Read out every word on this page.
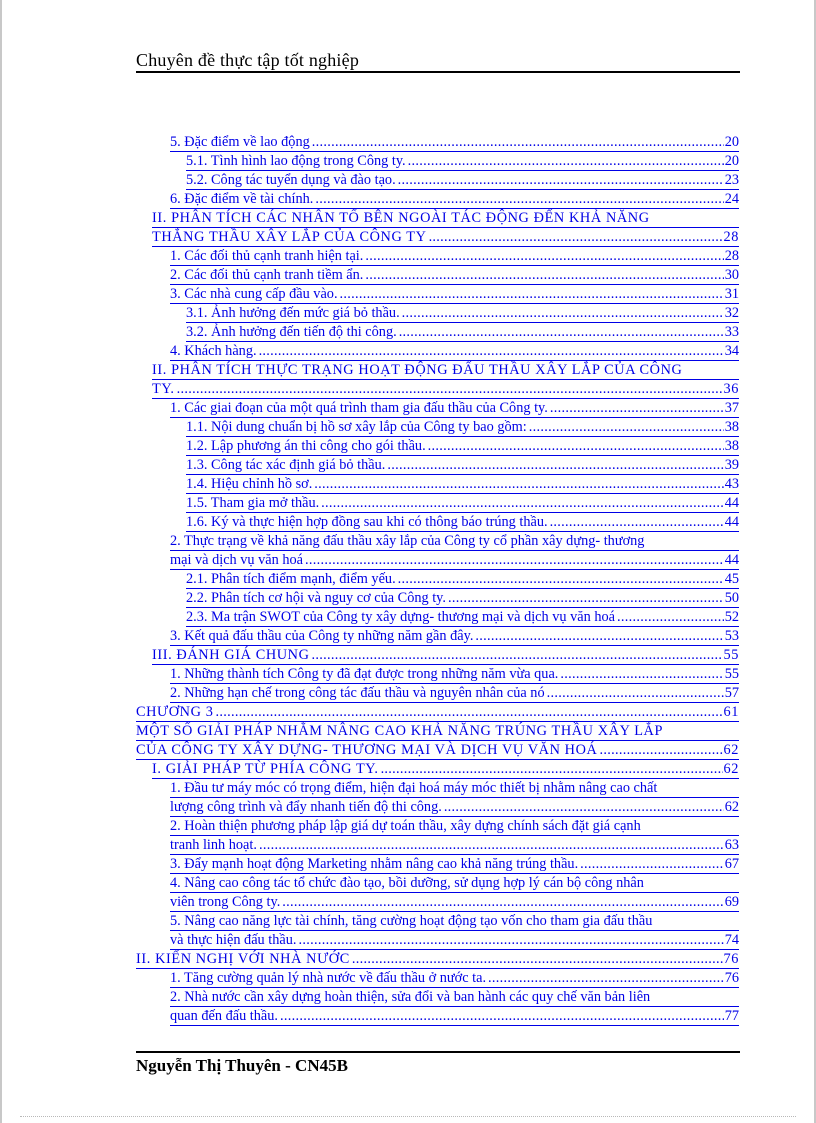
Chuyên đề thực tập tốt nghiệp
5. Đặc điểm về lao động .....	20
5.1. Tình hình lao động trong Công ty. .....	20
5.2. Công tác tuyển dụng và đào tạo. .....	23
6. Đặc điểm về tài chính. .....	24
II. PHÂN TÍCH CÁC NHÂN TỐ BÊN NGOÀI TÁC ĐỘNG ĐẾN KHẢ NĂNG
THẮNG THẦU XÂY LẮP CỦA CÔNG TY .....	28
1. Các đối thủ cạnh tranh hiện tại. .....	28
2. Các đối thủ cạnh tranh tiềm ẩn. .....	30
3. Các nhà cung cấp đầu vào. .....	31
3.1. Ảnh hưởng đến mức giá bỏ thầu. .....	32
3.2. Ảnh hưởng đến tiến độ thi công. .....	33
4. Khách hàng. .....	34
II. PHÂN TÍCH THỰC TRẠNG HOẠT ĐỘNG ĐẤU THẦU XÂY LẮP CỦA CÔNG
TY. .....	36
1. Các giai đoạn của một quá trình tham gia đấu thầu của Công ty. .....	37
1.1. Nội dung chuẩn bị hồ sơ xây lắp của Công ty bao gồm: .....	38
1.2. Lập phương án thi công cho gói thầu. .....	38
1.3. Công tác xác định giá bỏ thầu. .....	39
1.4. Hiệu chỉnh hồ sơ. .....	43
1.5. Tham gia mở thầu. .....	44
1.6. Ký và thực hiện hợp đồng sau khi có thông báo trúng thầu. .....	44
2. Thực trạng về khả năng đấu thầu xây lắp của Công ty cổ phần xây dựng- thương
mại và dịch vụ văn hoá .....	44
2.1. Phân tích điểm mạnh, điểm yếu. .....	45
2.2. Phân tích cơ hội và nguy cơ của Công ty. .....	50
2.3. Ma trận SWOT của Công ty xây dựng- thương mại và dịch vụ văn hoá .....	52
3. Kết quả đấu thầu của Công ty những năm gần đây. .....	53
III. ĐÁNH GIÁ CHUNG .....	55
1. Những thành tích Công ty đã đạt được trong những năm vừa qua. .....	55
2. Những hạn chế trong công tác đấu thầu và nguyên nhân của nó .....	57
CHƯƠNG 3 .....	61
MỘT SỐ GIẢI PHÁP NHẰM NÂNG CAO KHẢ NĂNG TRÚNG THẦU XÂY LẮP
CỦA CÔNG TY XÂY DỰNG- THƯƠNG MẠI VÀ DỊCH VỤ VĂN HOÁ .....	62
I. GIẢI PHÁP TỪ PHÍA CÔNG TY. .....	62
1. Đầu tư máy móc có trọng điểm, hiện đại hoá máy móc thiết bị nhằm nâng cao chất
lượng công trình và đẩy nhanh tiến độ thi công. .....	62
2. Hoàn thiện phương pháp lập giá dự toán thầu, xây dựng chính sách đặt giá cạnh
tranh linh hoạt. .....	63
3. Đẩy mạnh hoạt động Marketing nhằm nâng cao khả năng trúng thầu. .....	67
4. Nâng cao công tác tổ chức đào tạo, bồi dưỡng, sử dụng hợp lý cán bộ công nhân
viên trong Công ty. .....	69
5. Nâng cao năng lực tài chính, tăng cường hoạt động tạo vốn cho tham gia đấu thầu
và thực hiện đấu thầu. .....	74
II. KIẾN NGHỊ VỚI NHÀ NƯỚC .....	76
1. Tăng cường quản lý nhà nước về đấu thầu ở nước ta. .....	76
2. Nhà nước cần xây dựng hoàn thiện, sửa đổi và ban hành các quy chế văn bản liên
quan đến đấu thầu. .....	77
Nguyễn Thị Thuyên - CN45B
